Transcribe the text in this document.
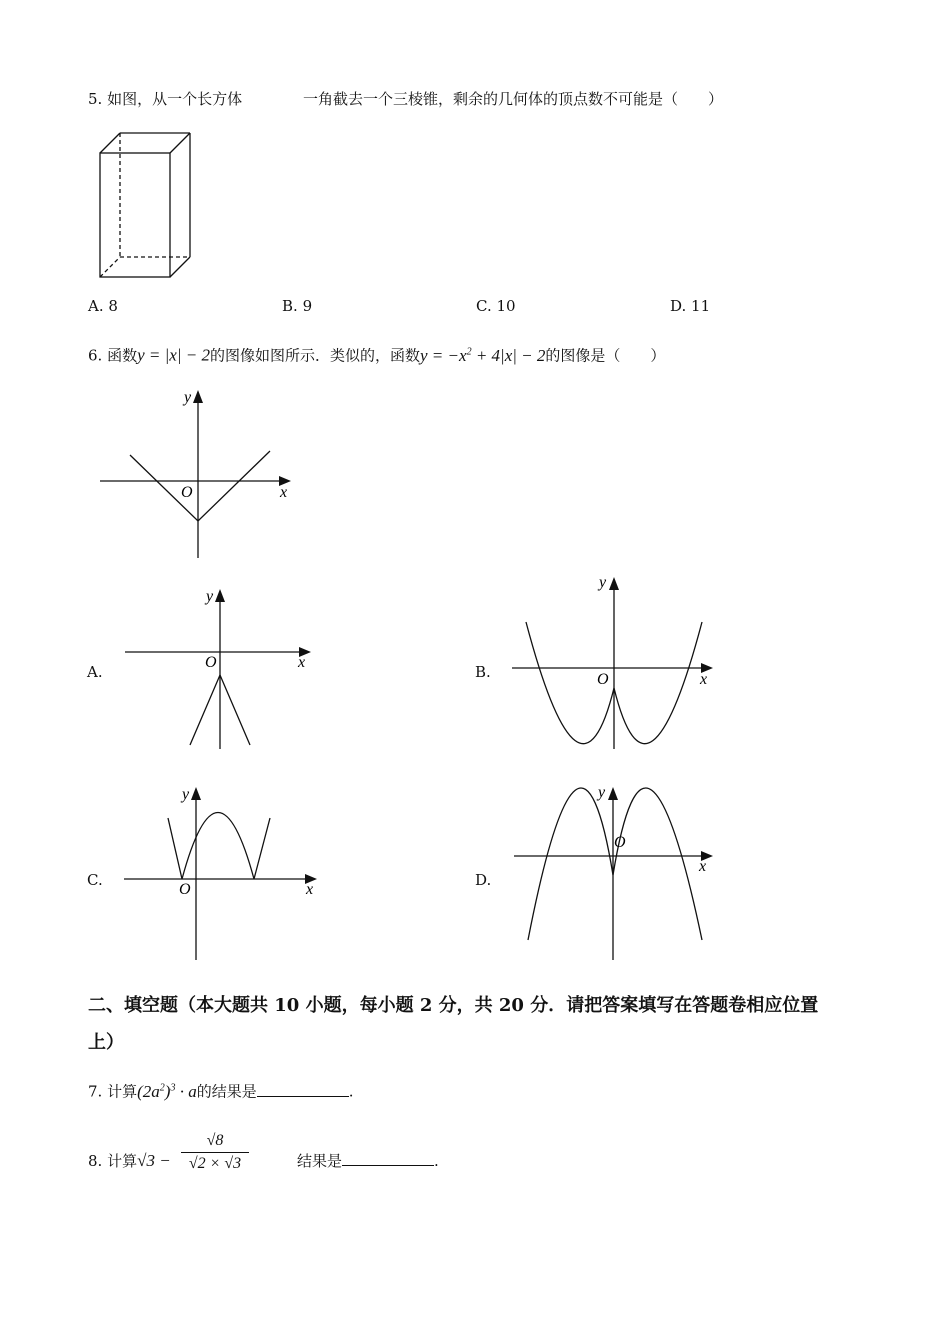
5. 如图，从一个长方体	一角截去一个三棱锥，剩余的几何体的顶点数不可能是（　　）
A. 8	B. 9	C. 10	D. 11
6. 函数y = |x| − 2的图像如图所示．类似的，函数$y = -x^2 + 4|x| - 2$的图像是（　　）
x
y
O
A.
x
y
O
B.	x
y
O
C.
x
y
O
D.
x
y
O
二、填空题（本大题共 10 小题，每小题 2 分，共 20 分．请把答案填写在答题卷相应位置
上）
7. 计算$(2a^2)^3 \cdot a$的结果是	.
8. 计算√3 −
√8
√2 × √3	结果是	.
